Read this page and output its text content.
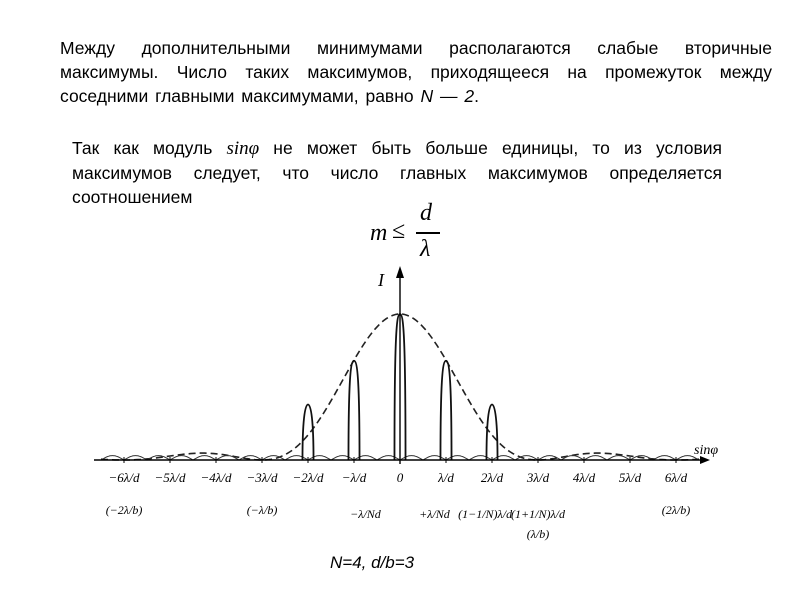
Между дополнительными минимумами располагаются слабые вторичные максимумы. Число таких максимумов, приходящееся на промежуток между соседними главными максимумами, равно N — 2.
Так как модуль sinφ не может быть больше единицы, то из условия максимумов следует, что число главных максимумов определяется соотношением
m ≤
d
λ
I
sinφ
−6λ/d −5λ/d −4λ/d −3λ/d −2λ/d −λ/d 0	λ/d 2λ/d 3λ/d 4λ/d 5λ/d 6λ/d
(−2λ/b)	(−λ/b)	−λ/Nd	+λ/Nd (1−1/N)λ/d
(1+1/N)λ/d
(λ/b)
(2λ/b)
N=4, d/b=3
